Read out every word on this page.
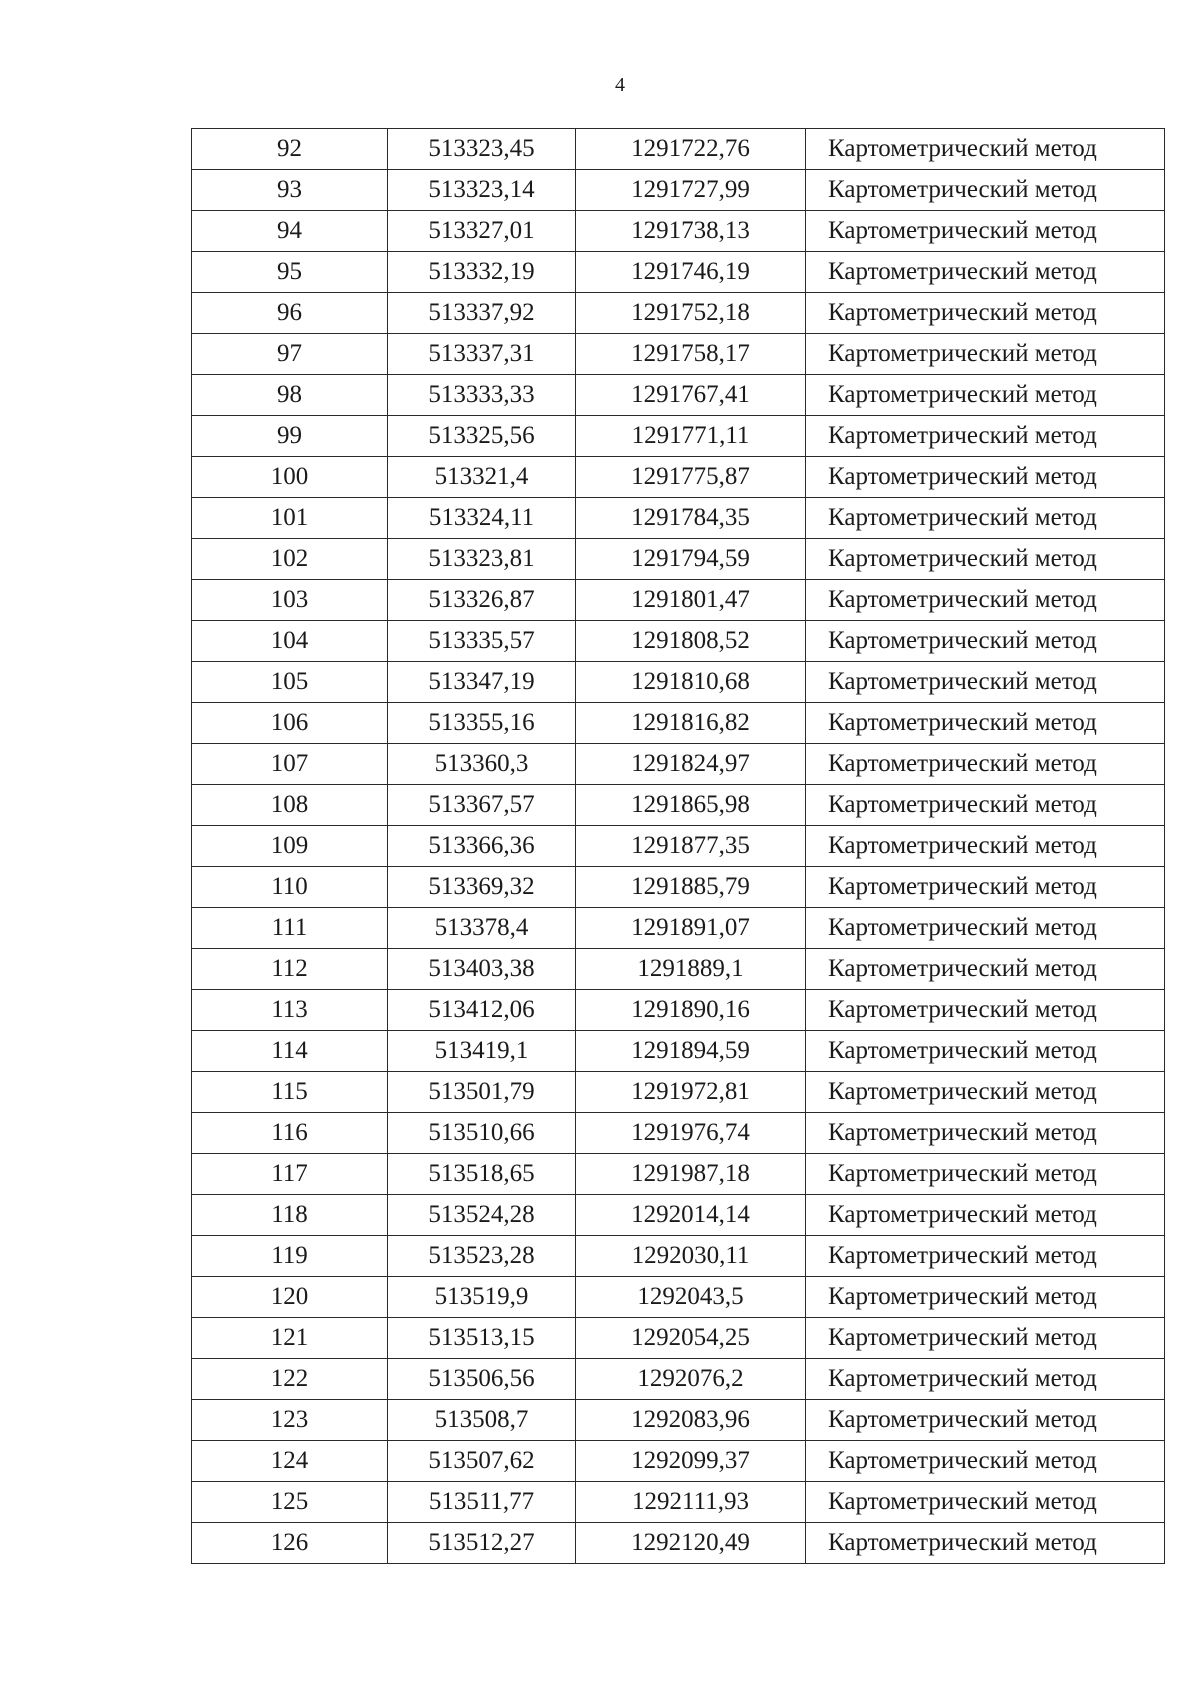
4
92	513323,45	1291722,76	Картометрический метод
93	513323,14	1291727,99	Картометрический метод
94	513327,01	1291738,13	Картометрический метод
95	513332,19	1291746,19	Картометрический метод
96	513337,92	1291752,18	Картометрический метод
97	513337,31	1291758,17	Картометрический метод
98	513333,33	1291767,41	Картометрический метод
99	513325,56	1291771,11	Картометрический метод
100	513321,4	1291775,87	Картометрический метод
101	513324,11	1291784,35	Картометрический метод
102	513323,81	1291794,59	Картометрический метод
103	513326,87	1291801,47	Картометрический метод
104	513335,57	1291808,52	Картометрический метод
105	513347,19	1291810,68	Картометрический метод
106	513355,16	1291816,82	Картометрический метод
107	513360,3	1291824,97	Картометрический метод
108	513367,57	1291865,98	Картометрический метод
109	513366,36	1291877,35	Картометрический метод
110	513369,32	1291885,79	Картометрический метод
111	513378,4	1291891,07	Картометрический метод
112	513403,38	1291889,1	Картометрический метод
113	513412,06	1291890,16	Картометрический метод
114	513419,1	1291894,59	Картометрический метод
115	513501,79	1291972,81	Картометрический метод
116	513510,66	1291976,74	Картометрический метод
117	513518,65	1291987,18	Картометрический метод
118	513524,28	1292014,14	Картометрический метод
119	513523,28	1292030,11	Картометрический метод
120	513519,9	1292043,5	Картометрический метод
121	513513,15	1292054,25	Картометрический метод
122	513506,56	1292076,2	Картометрический метод
123	513508,7	1292083,96	Картометрический метод
124	513507,62	1292099,37	Картометрический метод
125	513511,77	1292111,93	Картометрический метод
126	513512,27	1292120,49	Картометрический метод
